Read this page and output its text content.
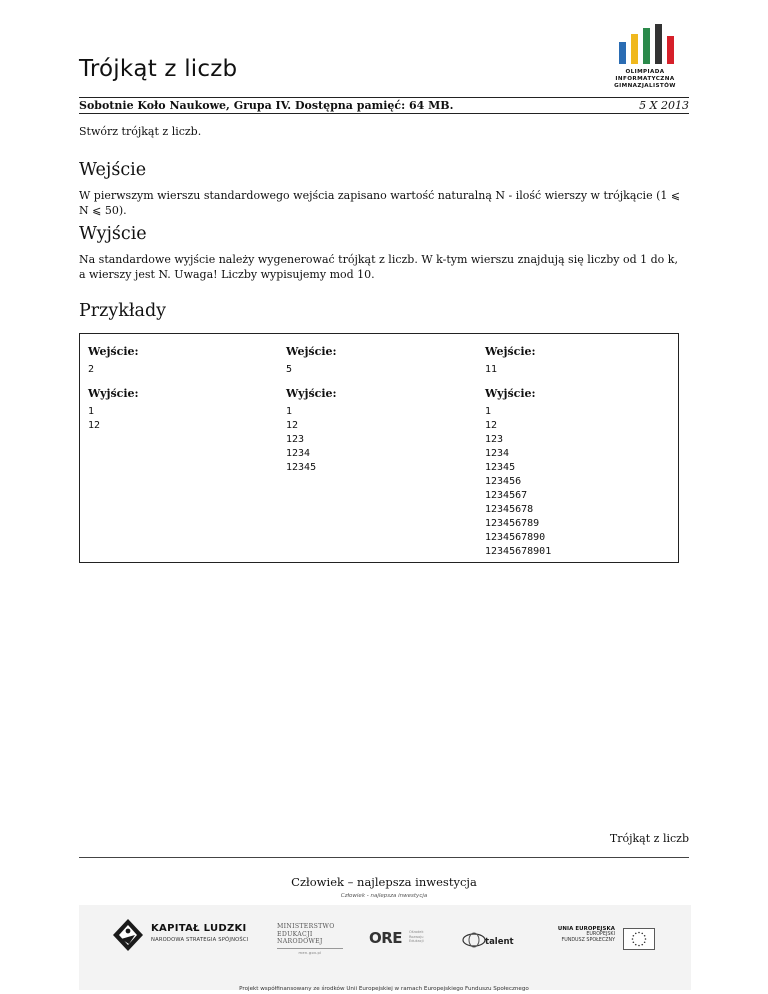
Trójkąt z liczb	OLIMPIADA
INFORMATYCZNA
GIMNAZJALISTÓW
Sobotnie Koło Naukowe, Grupa IV. Dostępna pamięć: 64 MB.	5 X 2013

Stwórz trójkąt z liczb.

Wejście

W pierwszym wierszu standardowego wejścia zapisano wartość naturalną N - ilość wierszy w trójkącie (1 ⩽ N ⩽ 50).

Wyjście

Na standardowe wyjście należy wygenerować trójkąt z liczb. W k-tym wierszu znajdują się liczby od 1 do k, a wierszy jest N. Uwaga! Liczby wypisujemy mod 10.

Przykłady
Wejście:
2
Wyjście:
1
12
Wejście:
5
Wyjście:
1
12
123
1234
12345
Wejście:
11
Wyjście:
1
12
123
1234
12345
123456
1234567
12345678
123456789
1234567890
12345678901
Trójkąt z liczb
Człowiek – najlepsza inwestycja
Człowiek - najlepsza inwestycja
KAPITAŁ LUDZKI
NARODOWA STRATEGIA SPÓJNOŚCI
MINISTERSTWO
EDUKACJI
NARODOWEJ
men.gov.pl
ORE Ośrodek
Rozwoju
Edukacji	talent
UNIA EUROPEJSKA
EUROPEJSKI
FUNDUSZ SPOŁECZNY
Projekt współfinansowany ze środków Unii Europejskiej w ramach Europejskiego Funduszu Społecznego
